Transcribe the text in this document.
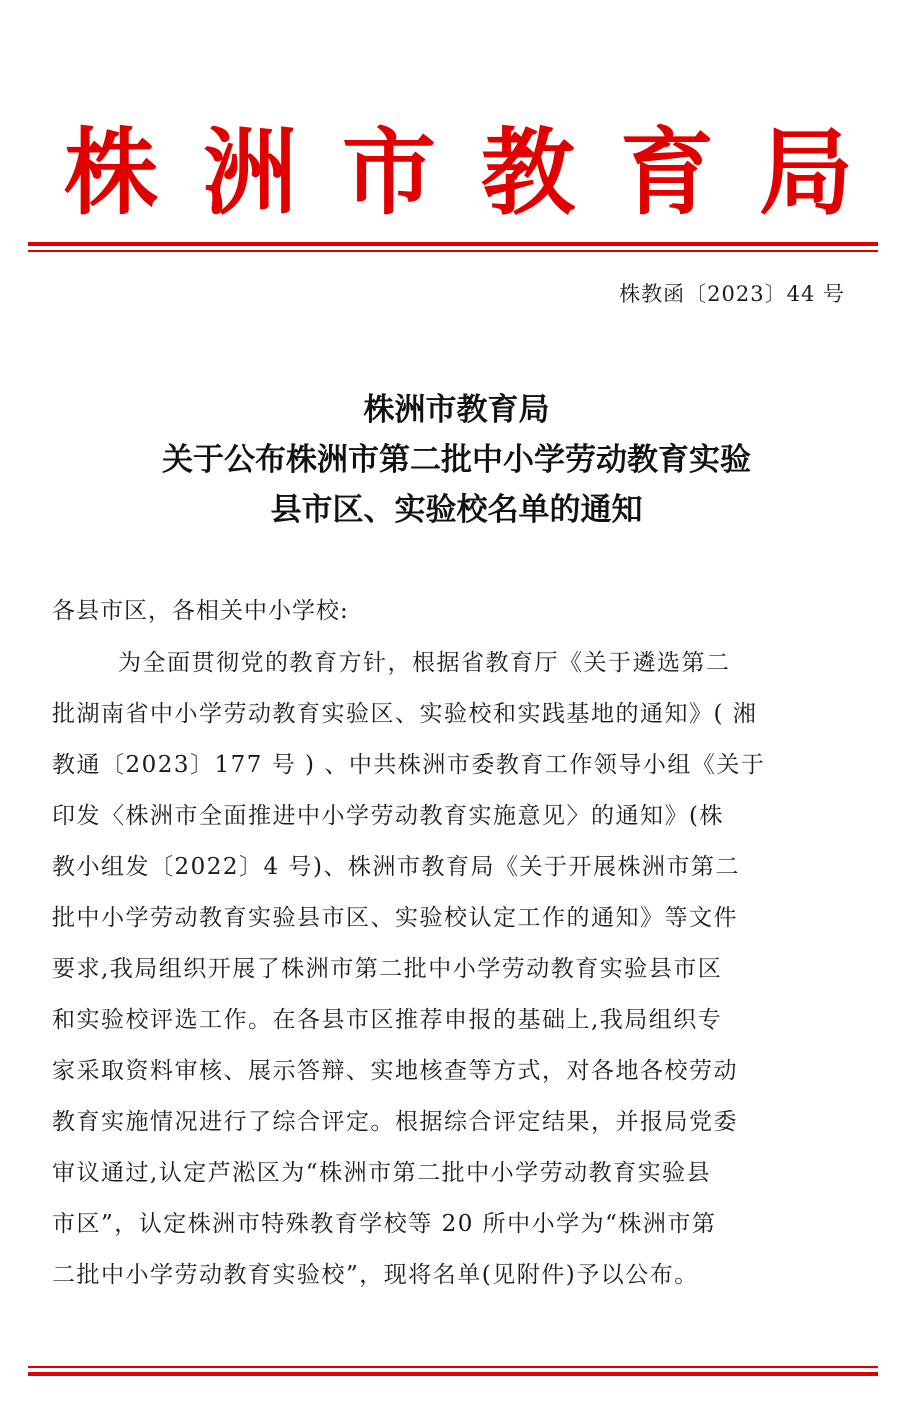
株 洲 市 教 育 局
株教函〔2023〕44 号
株洲市教育局
关于公布株洲市第二批中小学劳动教育实验
县市区、实验校名单的通知
各县市区，各相关中小学校:
为全面贯彻党的教育方针，根据省教育厅《关于遴选第二
批湖南省中小学劳动教育实验区、实验校和实践基地的通知》( 湘
教通〔2023〕177 号 ) 、中共株洲市委教育工作领导小组《关于
印发〈株洲市全面推进中小学劳动教育实施意见〉的通知》(株
教小组发〔2022〕4 号)、株洲市教育局《关于开展株洲市第二
批中小学劳动教育实验县市区、实验校认定工作的通知》等文件
要求,我局组织开展了株洲市第二批中小学劳动教育实验县市区
和实验校评选工作。在各县市区推荐申报的基础上,我局组织专
家采取资料审核、展示答辩、实地核查等方式，对各地各校劳动
教育实施情况进行了综合评定。根据综合评定结果，并报局党委
审议通过,认定芦淞区为“株洲市第二批中小学劳动教育实验县
市区”，认定株洲市特殊教育学校等 20 所中小学为“株洲市第
二批中小学劳动教育实验校”，现将名单(见附件)予以公布。
